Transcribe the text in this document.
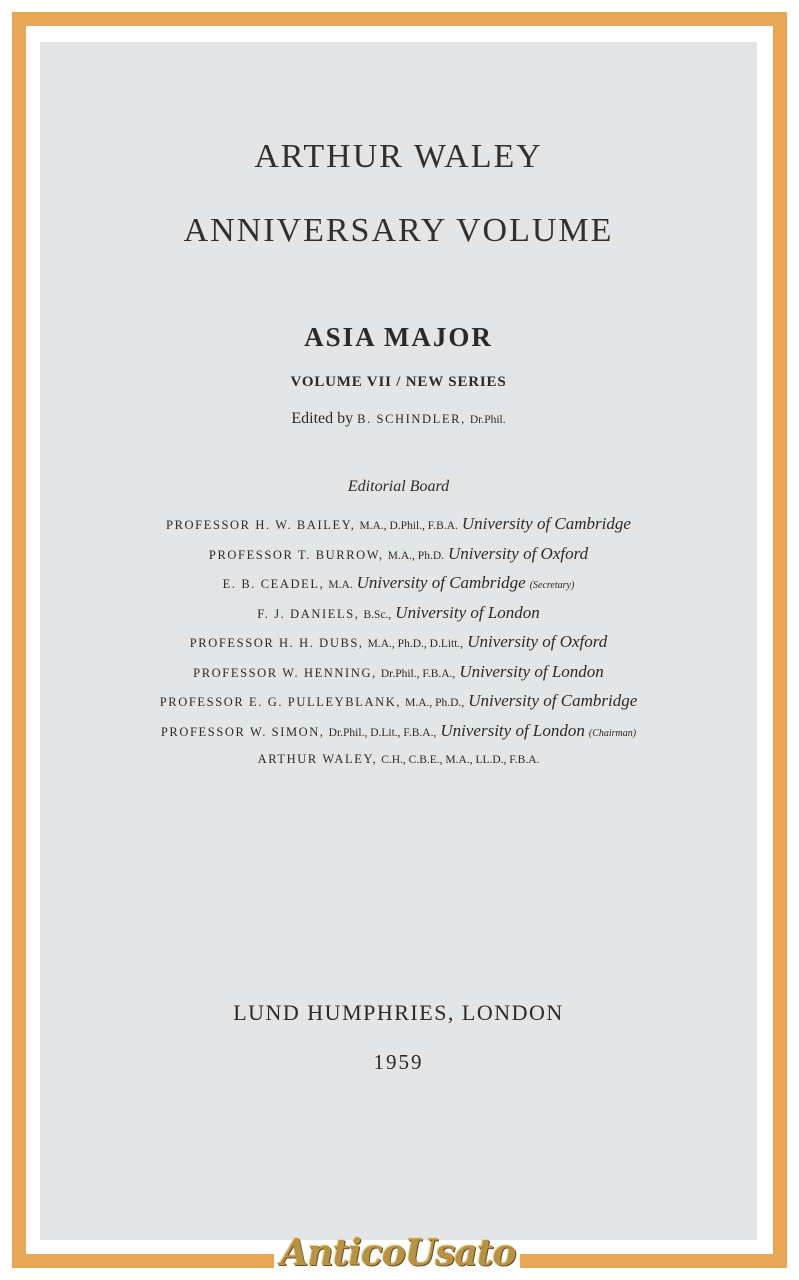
ARTHUR WALEY
ANNIVERSARY VOLUME
ASIA MAJOR
VOLUME VII / NEW SERIES
Edited by B. SCHINDLER, Dr.Phil.
Editorial Board
PROFESSOR H. W. BAILEY, M.A., D.Phil., F.B.A. University of Cambridge
PROFESSOR T. BURROW, M.A., Ph.D. University of Oxford
E. B. CEADEL, M.A. University of Cambridge (Secretary)
F. J. DANIELS, B.Sc., University of London
PROFESSOR H. H. DUBS, M.A., Ph.D., D.Litt., University of Oxford
PROFESSOR W. HENNING, Dr.Phil., F.B.A., University of London
PROFESSOR E. G. PULLEYBLANK, M.A., Ph.D., University of Cambridge
PROFESSOR W. SIMON, Dr.Phil., D.Lit., F.B.A., University of London (Chairman)
ARTHUR WALEY, C.H., C.B.E., M.A., LL.D., F.B.A.
LUND HUMPHRIES, LONDON
1959
AnticoUsato
